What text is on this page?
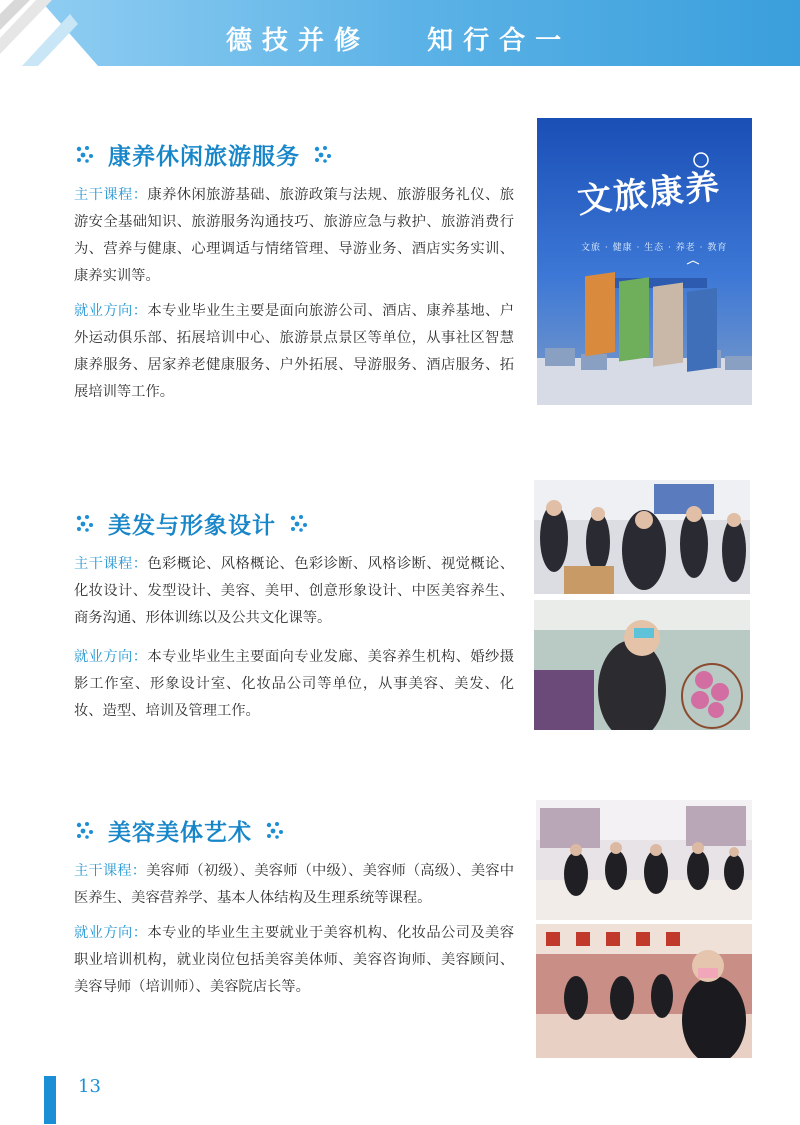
德技并修   知行合一
康养休闲旅游服务

主干课程：康养休闲旅游基础、旅游政策与法规、旅游服务礼仪、旅游安全基础知识、旅游服务沟通技巧、旅游应急与救护、旅游消费行为、营养与健康、心理调适与情绪管理、导游业务、酒店实务实训、康养实训等。

就业方向：本专业毕业生主要是面向旅游公司、酒店、康养基地、户外运动俱乐部、拓展培训中心、旅游景点景区等单位，从事社区智慧康养服务、居家养老健康服务、户外拓展、导游服务、酒店服务、拓展培训等工作。

文旅康养
文旅 · 健康 · 生态 · 养老 · 教育
美发与形象设计

主干课程：色彩概论、风格概论、色彩诊断、风格诊断、视觉概论、化妆设计、发型设计、美容、美甲、创意形象设计、中医美容养生、商务沟通、形体训练以及公共文化课等。

就业方向：本专业毕业生主要面向专业发廊、美容养生机构、婚纱摄影工作室、形象设计室、化妆品公司等单位，从事美容、美发、化妆、造型、培训及管理工作。

美容美体艺术

主干课程：美容师（初级）、美容师（中级）、美容师（高级）、美容中医养生、美容营养学、基本人体结构及生理系统等课程。

就业方向：本专业的毕业生主要就业于美容机构、化妆品公司及美容职业培训机构，就业岗位包括美容美体师、美容咨询师、美容顾问、美容导师（培训师）、美容院店长等。

13
